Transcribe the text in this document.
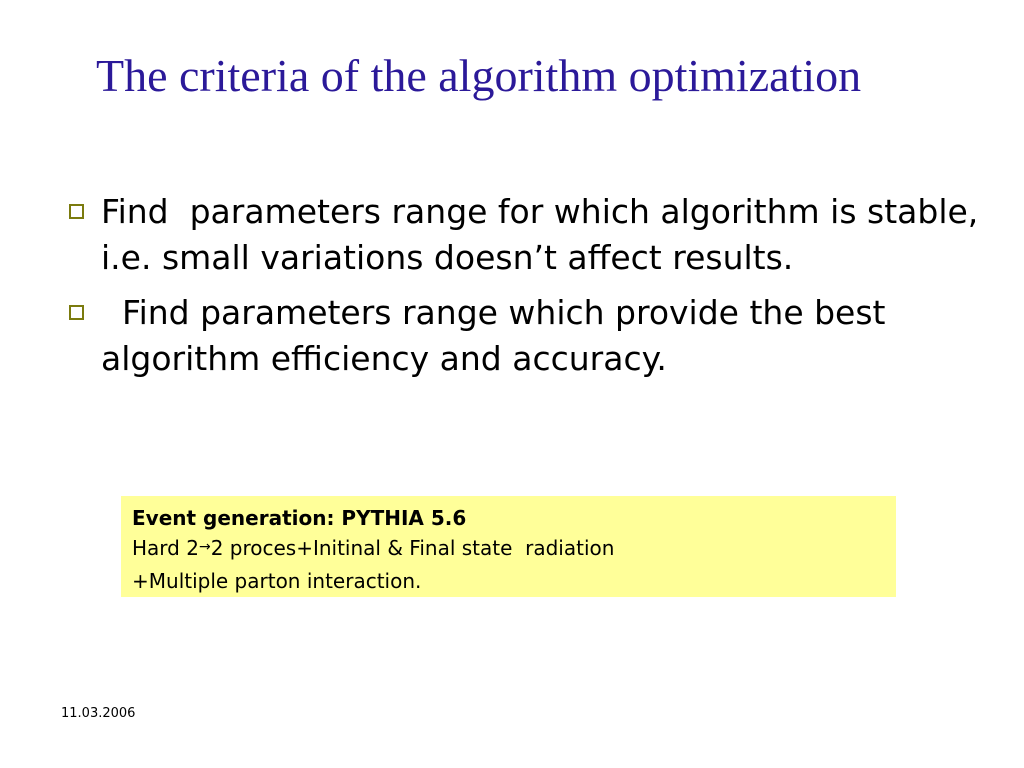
The criteria of the algorithm optimization
Find  parameters range for which algorithm is stable, i.e. small variations doesn’t affect results.
Find parameters range which provide the best algorithm efficiency and accuracy.
Event generation: PYTHIA 5.6
Hard 2→2 proces+Initinal & Final state  radiation
+Multiple parton interaction.
11.03.2006
